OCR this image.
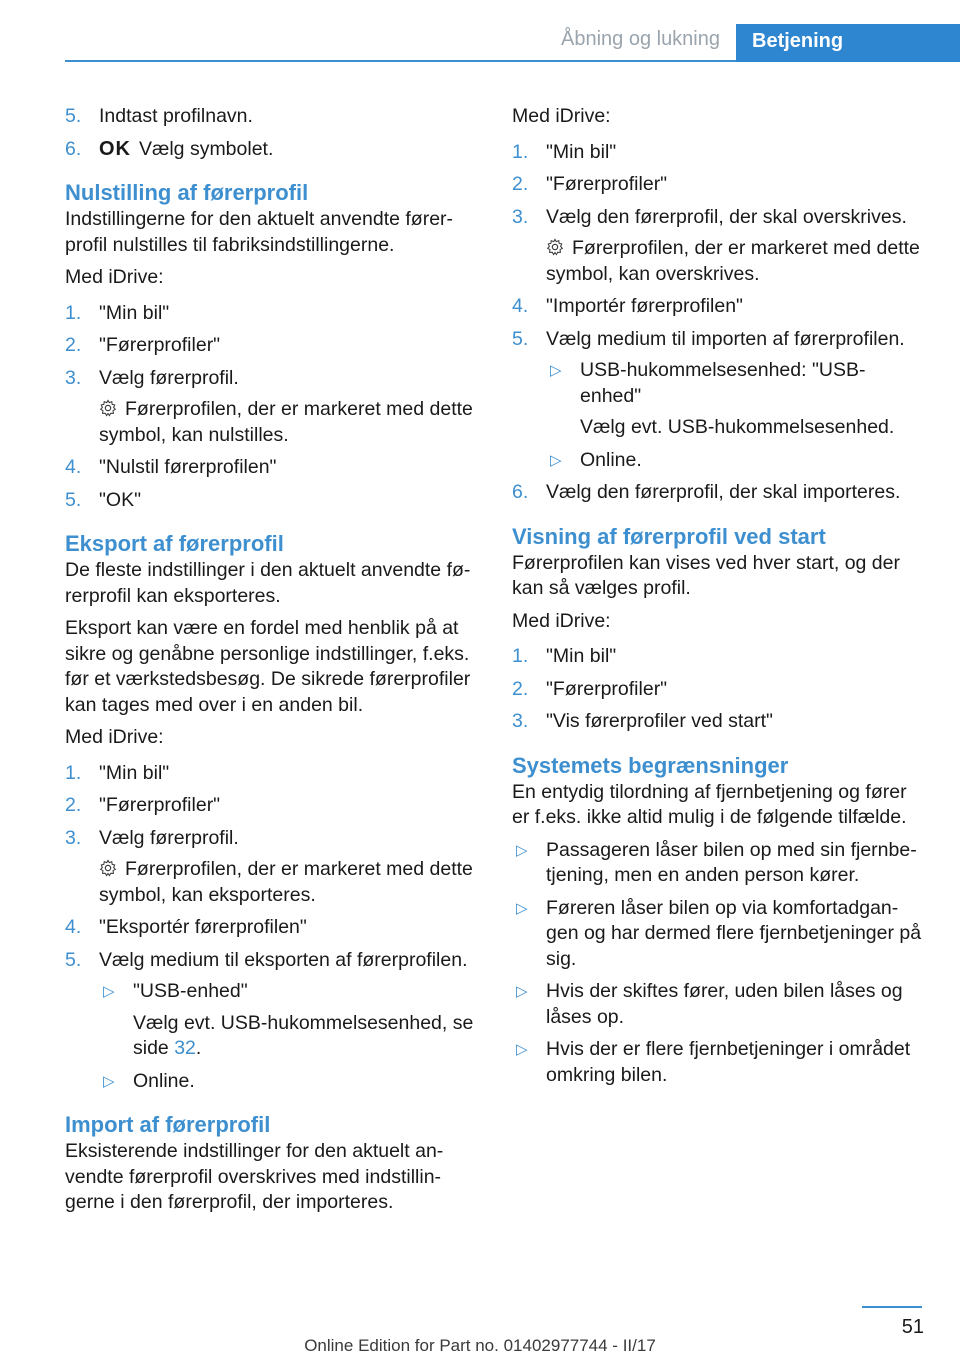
Åbning og lukning	Betjening
5. Indtast profilnavn.
6. OK Vælg symbolet.
Nulstilling af førerprofil
Indstillingerne for den aktuelt anvendte fører-profil nulstilles til fabriksindstillingerne.
Med iDrive:
1. "Min bil"
2. "Førerprofiler"
3. Vælg førerprofil.
Førerprofilen, der er markeret med dette symbol, kan nulstilles.
4. "Nulstil førerprofilen"
5. "OK"
Eksport af førerprofil
De fleste indstillinger i den aktuelt anvendte fø-rerprofil kan eksporteres.
Eksport kan være en fordel med henblik på at sikre og genåbne personlige indstillinger, f.eks. før et værkstedsbesøg. De sikrede førerprofiler kan tages med over i en anden bil.
Med iDrive:
1. "Min bil"
2. "Førerprofiler"
3. Vælg førerprofil.
Førerprofilen, der er markeret med dette symbol, kan eksporteres.
4. "Eksportér førerprofilen"
5. Vælg medium til eksporten af førerprofilen.
▷ "USB-enhed"
Vælg evt. USB-hukommelsesenhed, se side 32.
▷ Online.
Import af førerprofil
Eksisterende indstillinger for den aktuelt an-vendte førerprofil overskrives med indstillin-gerne i den førerprofil, der importeres.
Med iDrive:
1. "Min bil"
2. "Førerprofiler"
3. Vælg den førerprofil, der skal overskrives.
Førerprofilen, der er markeret med dette symbol, kan overskrives.
4. "Importér førerprofilen"
5. Vælg medium til importen af førerprofilen.
▷ USB-hukommelsesenhed: "USB-enhed"
Vælg evt. USB-hukommelsesenhed.
▷ Online.
6. Vælg den førerprofil, der skal importeres.
Visning af førerprofil ved start
Førerprofilen kan vises ved hver start, og der kan så vælges profil.
Med iDrive:
1. "Min bil"
2. "Førerprofiler"
3. "Vis førerprofiler ved start"
Systemets begrænsninger
En entydig tilordning af fjernbetjening og fører er f.eks. ikke altid mulig i de følgende tilfælde.
▷ Passageren låser bilen op med sin fjernbe-tjening, men en anden person kører.
▷ Føreren låser bilen op via komfortadgan-gen og har dermed flere fjernbetjeninger på sig.
▷ Hvis der skiftes fører, uden bilen låses og låses op.
▷ Hvis der er flere fjernbetjeninger i området omkring bilen.
51
Online Edition for Part no. 01402977744 - II/17
